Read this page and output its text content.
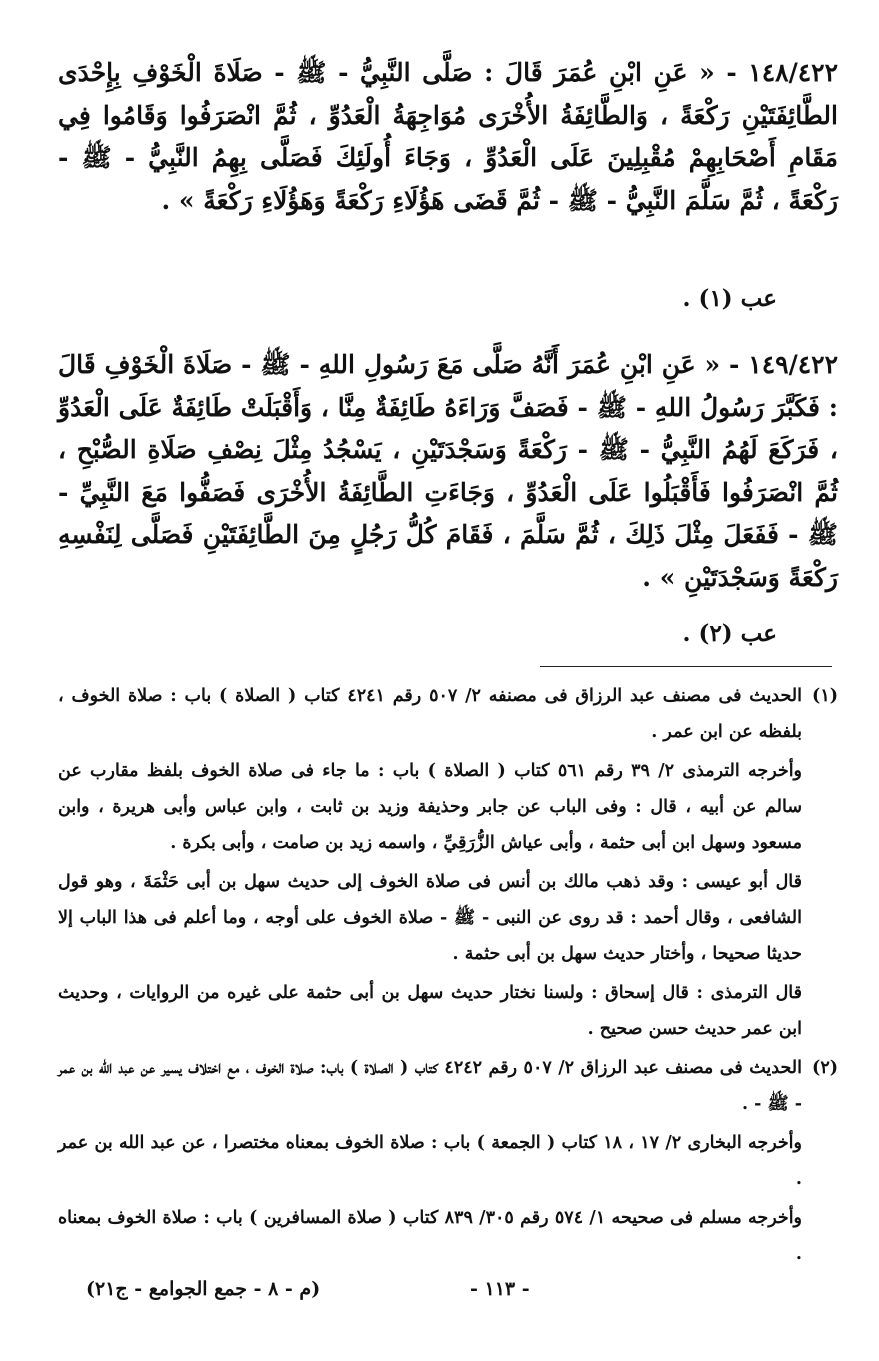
١٤٨/٤٢٢ - « عَنِ ابْنِ عُمَرَ قَالَ : صَلَّى النَّبِيُّ - ﷺ - صَلَاةَ الْخَوْفِ بِإِحْدَى الطَّائِفَتَيْنِ رَكْعَةً ، وَالطَّائِفَةُ الأُخْرَى مُوَاجِهَةُ الْعَدُوِّ ، ثُمَّ انْصَرَفُوا وَقَامُوا فِي مَقَامِ أَصْحَابِهِمْ مُقْبِلِينَ عَلَى الْعَدُوِّ ، وَجَاءَ أُولَئِكَ فَصَلَّى بِهِمُ النَّبِيُّ - ﷺ - رَكْعَةً ، ثُمَّ سَلَّمَ النَّبِيُّ - ﷺ - ثُمَّ قَضَى هَؤُلَاءِ رَكْعَةً وَهَؤُلَاءِ رَكْعَةً » .

عب (١) .

١٤٩/٤٢٢ - « عَنِ ابْنِ عُمَرَ أَنَّهُ صَلَّى مَعَ رَسُولِ اللهِ - ﷺ - صَلَاةَ الْخَوْفِ قَالَ : فَكَبَّرَ رَسُولُ اللهِ - ﷺ - فَصَفَّ وَرَاءَهُ طَائِفَةٌ مِنَّا ، وَأَقْبَلَتْ طَائِفَةٌ عَلَى الْعَدُوِّ ، فَرَكَعَ لَهُمُ النَّبِيُّ - ﷺ - رَكْعَةً وَسَجْدَتَيْنِ ، يَسْجُدُ مِثْلَ نِصْفِ صَلَاةِ الصُّبْحِ ، ثُمَّ انْصَرَفُوا فَأَقْبَلُوا عَلَى الْعَدُوِّ ، وَجَاءَتِ الطَّائِفَةُ الأُخْرَى فَصَفُّوا مَعَ النَّبِيِّ - ﷺ - فَفَعَلَ مِثْلَ ذَلِكَ ، ثُمَّ سَلَّمَ ، فَقَامَ كُلُّ رَجُلٍ مِنَ الطَّائِفَتَيْنِ فَصَلَّى لِنَفْسِهِ رَكْعَةً وَسَجْدَتَيْنِ » .

عب (٢) .
(١)

الحديث فى مصنف عبد الرزاق فى مصنفه ٢/ ٥٠٧ رقم ٤٢٤١ كتاب ( الصلاة ) باب : صلاة الخوف ، بلفظه عن ابن عمر .

وأخرجه الترمذى ٢/ ٣٩ رقم ٥٦١ كتاب ( الصلاة ) باب : ما جاء فى صلاة الخوف بلفظ مقارب عن سالم عن أبيه ، قال : وفى الباب عن جابر وحذيفة وزيد بن ثابت ، وابن عباس وأبى هريرة ، وابن مسعود وسهل ابن أبى حثمة ، وأبى عياش الزُّرَقِيِّ ، واسمه زيد بن صامت ، وأبى بكرة .

قال أبو عيسى : وقد ذهب مالك بن أنس فى صلاة الخوف إلى حديث سهل بن أبى حَثْمَةَ ، وهو قول الشافعى ، وقال أحمد : قد روى عن النبى - ﷺ - صلاة الخوف على أوجه ، وما أعلم فى هذا الباب إلا حديثا صحيحا ، وأختار حديث سهل بن أبى حثمة .

قال الترمذى : قال إسحاق : ولسنا نختار حديث سهل بن أبى حثمة على غيره من الروايات ، وحديث ابن عمر حديث حسن صحيح .

(٢)

الحديث فى مصنف عبد الرزاق ٢/ ٥٠٧ رقم ٤٢٤٢ كتاب ( الصلاة ) باب: صلاة الخوف ، مع اختلاف يسير عن عبد الله بن عمر - ﷺ - .

وأخرجه البخارى ٢/ ١٧ ، ١٨ كتاب ( الجمعة ) باب : صلاة الخوف بمعناه مختصرا ، عن عبد الله بن عمر .

وأخرجه مسلم فى صحيحه ١/ ٥٧٤ رقم ٣٠٥/ ٨٣٩ كتاب ( صلاة المسافرين ) باب : صلاة الخوف بمعناه .

- ١١٣ -
(م - ٨ - جمع الجوامع - ج٢١)
